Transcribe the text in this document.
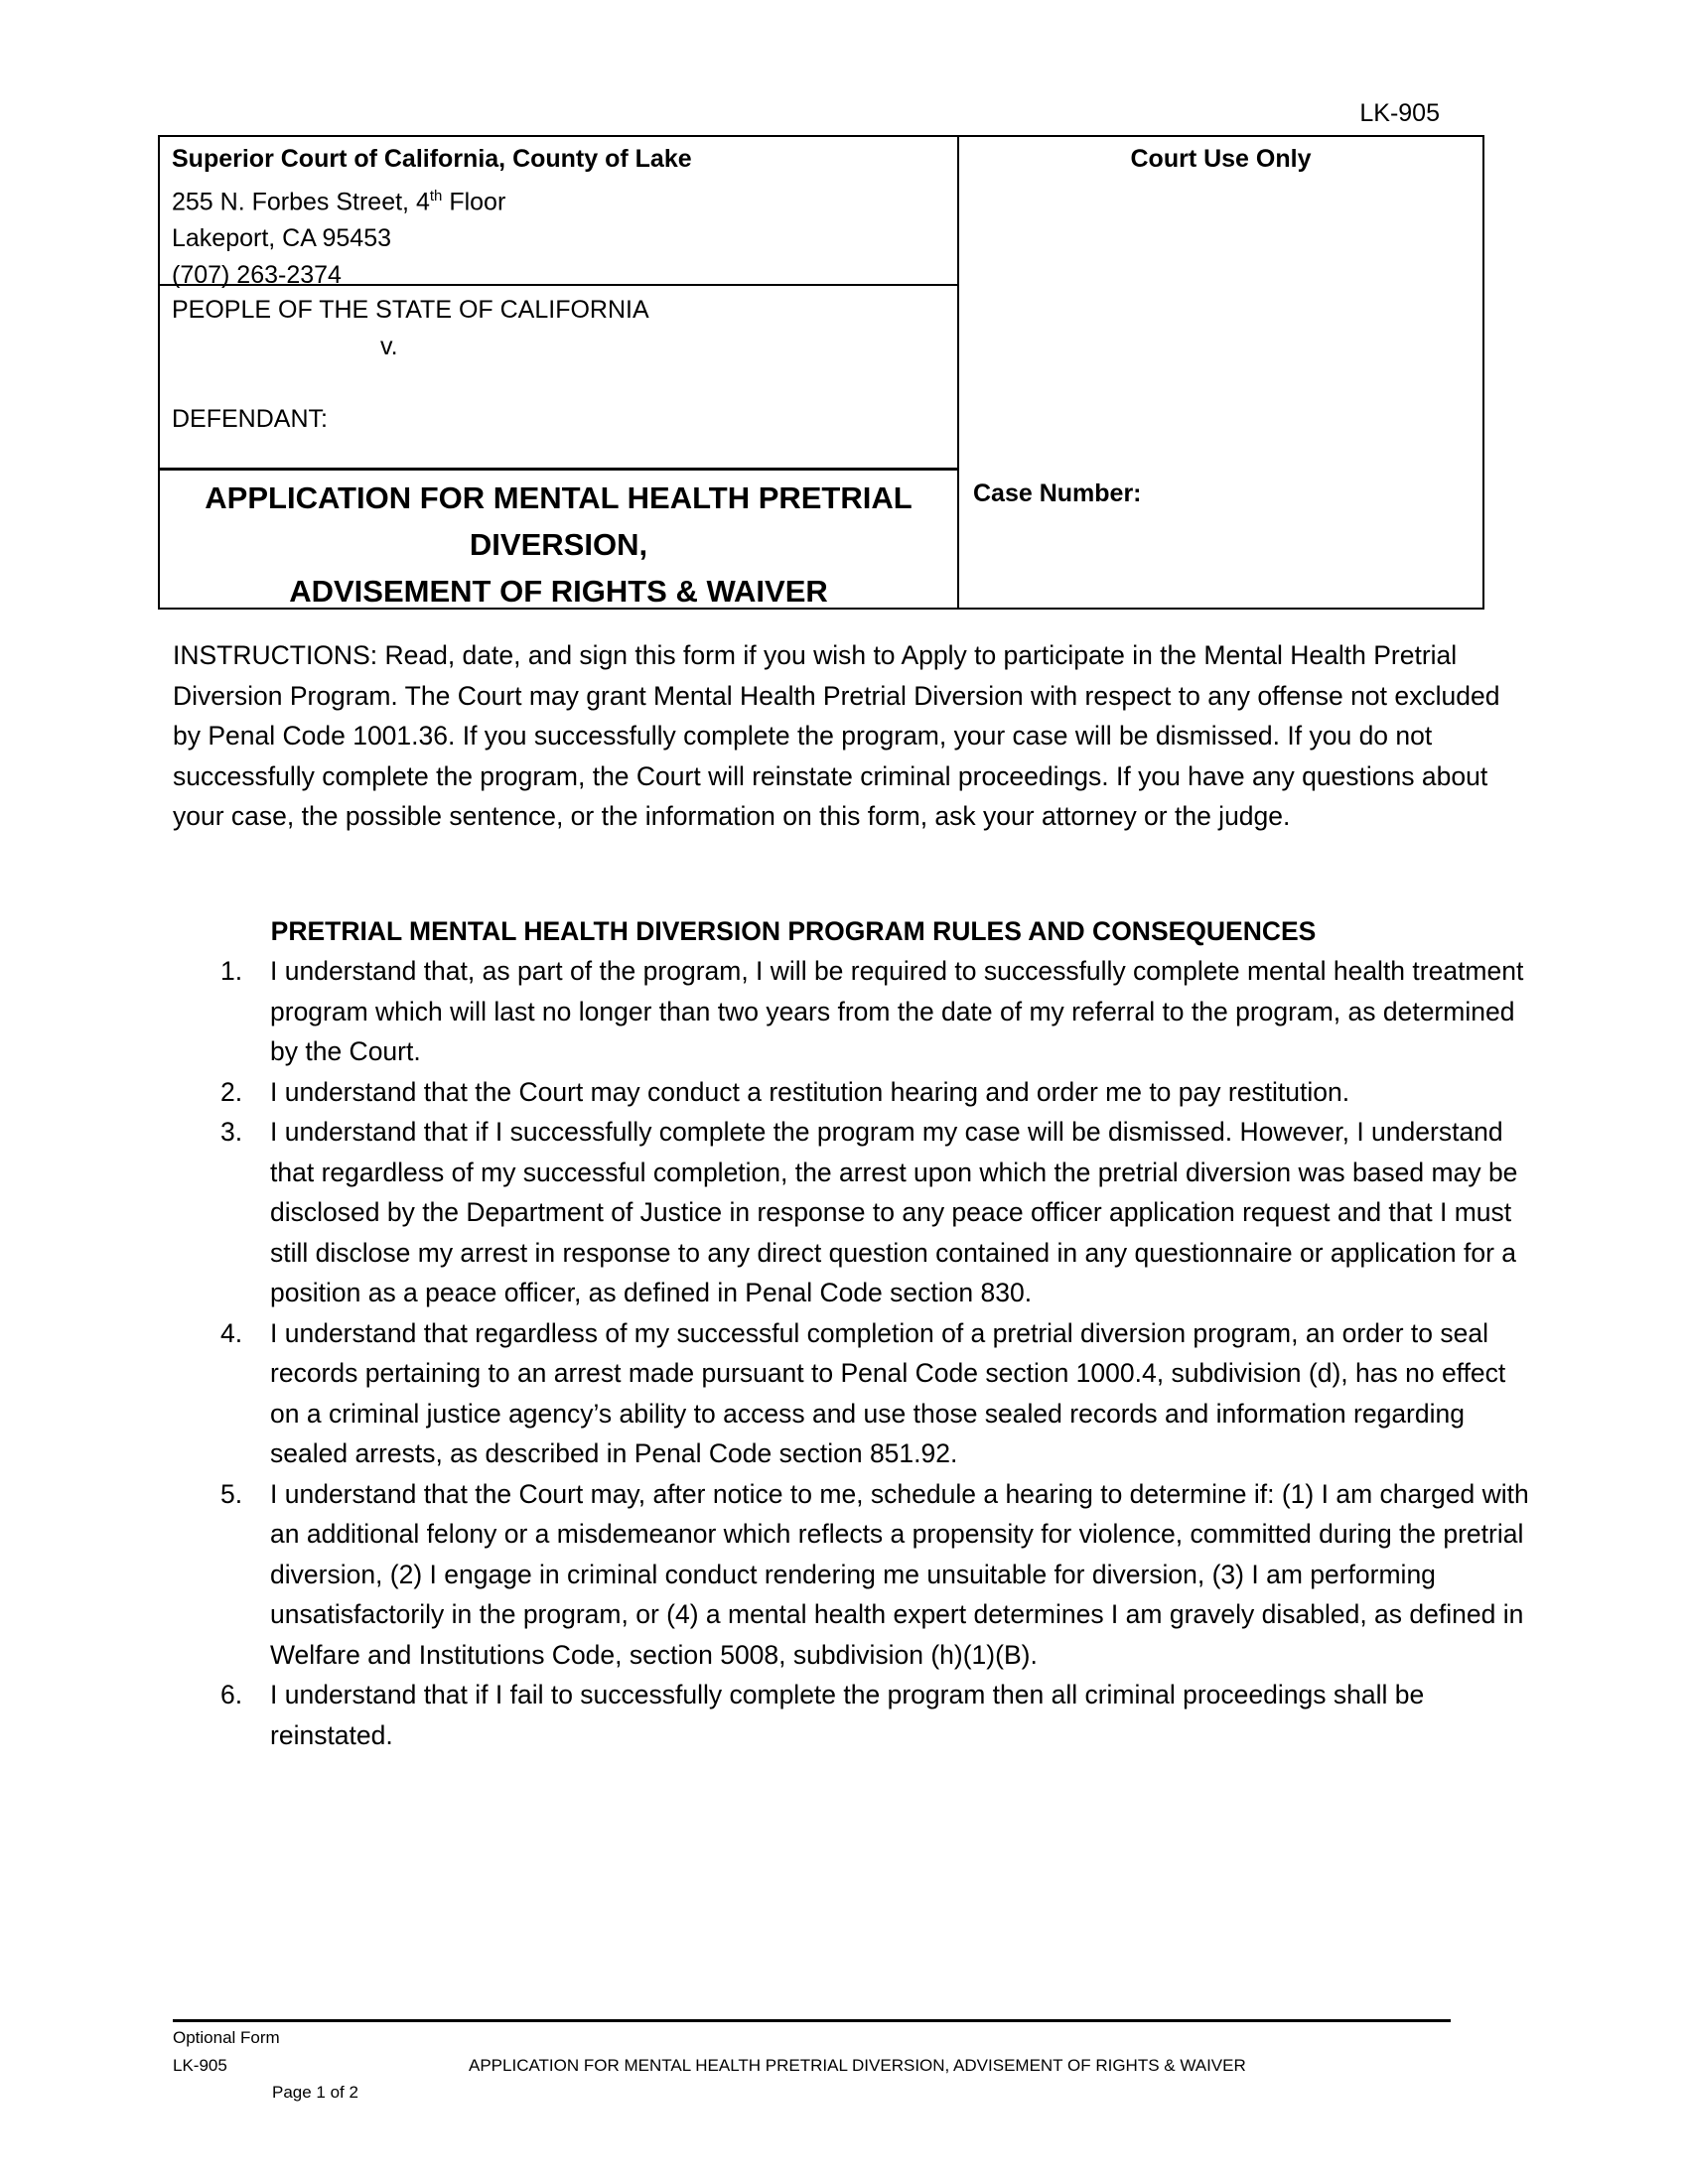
LK-905
Superior Court of California, County of Lake
255 N. Forbes Street, 4th Floor
Lakeport, CA 95453
(707) 263-2374
PEOPLE OF THE STATE OF CALIFORNIA
v.
DEFENDANT:
APPLICATION FOR MENTAL HEALTH PRETRIAL DIVERSION,
ADVISEMENT OF RIGHTS & WAIVER
Court Use Only
Case Number:
INSTRUCTIONS: Read, date, and sign this form if you wish to Apply to participate in the Mental Health Pretrial Diversion Program. The Court may grant Mental Health Pretrial Diversion with respect to any offense not excluded by Penal Code 1001.36. If you successfully complete the program, your case will be dismissed. If you do not successfully complete the program, the Court will reinstate criminal proceedings. If you have any questions about your case, the possible sentence, or the information on this form, ask your attorney or the judge.
PRETRIAL MENTAL HEALTH DIVERSION PROGRAM RULES AND CONSEQUENCES
1. I understand that, as part of the program, I will be required to successfully complete mental health treatment program which will last no longer than two years from the date of my referral to the program, as determined by the Court.
2. I understand that the Court may conduct a restitution hearing and order me to pay restitution.
3. I understand that if I successfully complete the program my case will be dismissed. However, I understand that regardless of my successful completion, the arrest upon which the pretrial diversion was based may be disclosed by the Department of Justice in response to any peace officer application request and that I must still disclose my arrest in response to any direct question contained in any questionnaire or application for a position as a peace officer, as defined in Penal Code section 830.
4. I understand that regardless of my successful completion of a pretrial diversion program, an order to seal records pertaining to an arrest made pursuant to Penal Code section 1000.4, subdivision (d), has no effect on a criminal justice agency’s ability to access and use those sealed records and information regarding sealed arrests, as described in Penal Code section 851.92.
5. I understand that the Court may, after notice to me, schedule a hearing to determine if: (1) I am charged with an additional felony or a misdemeanor which reflects a propensity for violence, committed during the pretrial diversion, (2) I engage in criminal conduct rendering me unsuitable for diversion, (3) I am performing unsatisfactorily in the program, or (4) a mental health expert determines I am gravely disabled, as defined in Welfare and Institutions Code, section 5008, subdivision (h)(1)(B).
6. I understand that if I fail to successfully complete the program then all criminal proceedings shall be reinstated.
Optional Form
LK-905	APPLICATION FOR MENTAL HEALTH PRETRIAL DIVERSION, ADVISEMENT OF RIGHTS & WAIVER
Page 1 of 2
